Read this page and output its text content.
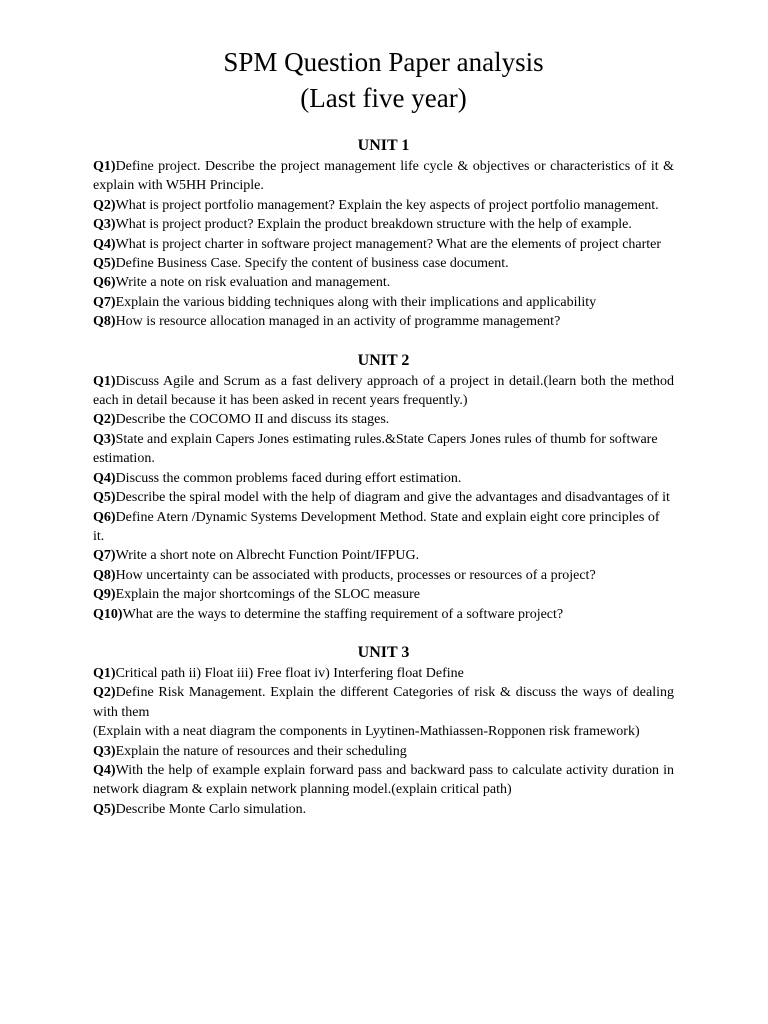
SPM Question Paper analysis
(Last five year)
UNIT 1

Q1)Define project. Describe the project management life cycle & objectives or characteristics of it & explain with W5HH Principle.

Q2)What is project portfolio management? Explain the key aspects of project portfolio management.

Q3)What is project product? Explain the product breakdown structure with the help of example.

Q4)What is project charter in software project management? What are the elements of project charter

Q5)Define Business Case. Specify the content of business case document.

Q6)Write a note on risk evaluation and management.

Q7)Explain the various bidding techniques along with their implications and applicability

Q8)How is resource allocation managed in an activity of programme management?

UNIT 2

Q1)Discuss Agile and Scrum as a fast delivery approach of a project in detail.(learn both the method each in detail because it has been asked in recent years frequently.)

Q2)Describe the COCOMO II and discuss its stages.

Q3)State and explain Capers Jones estimating rules.&State Capers Jones rules of thumb for software estimation.

Q4)Discuss the common problems faced during effort estimation.

Q5)Describe the spiral model with the help of diagram and give the advantages and disadvantages of it

Q6)Define Atern /Dynamic Systems Development Method. State and explain eight core principles of it.

Q7)Write a short note on Albrecht Function Point/IFPUG.

Q8)How uncertainty can be associated with products, processes or resources of a project?

Q9)Explain the major shortcomings of the SLOC measure

Q10)What are the ways to determine the staffing requirement of a software project?

UNIT 3

Q1)Critical path ii) Float iii) Free float iv) Interfering float Define

Q2)Define Risk Management. Explain the different Categories of risk & discuss the ways of dealing with them

(Explain with a neat diagram the components in Lyytinen-Mathiassen-Ropponen risk framework)

Q3)Explain the nature of resources and their scheduling

Q4)With the help of example explain forward pass and backward pass to calculate activity duration in network diagram & explain network planning model.(explain critical path)

Q5)Describe Monte Carlo simulation.
